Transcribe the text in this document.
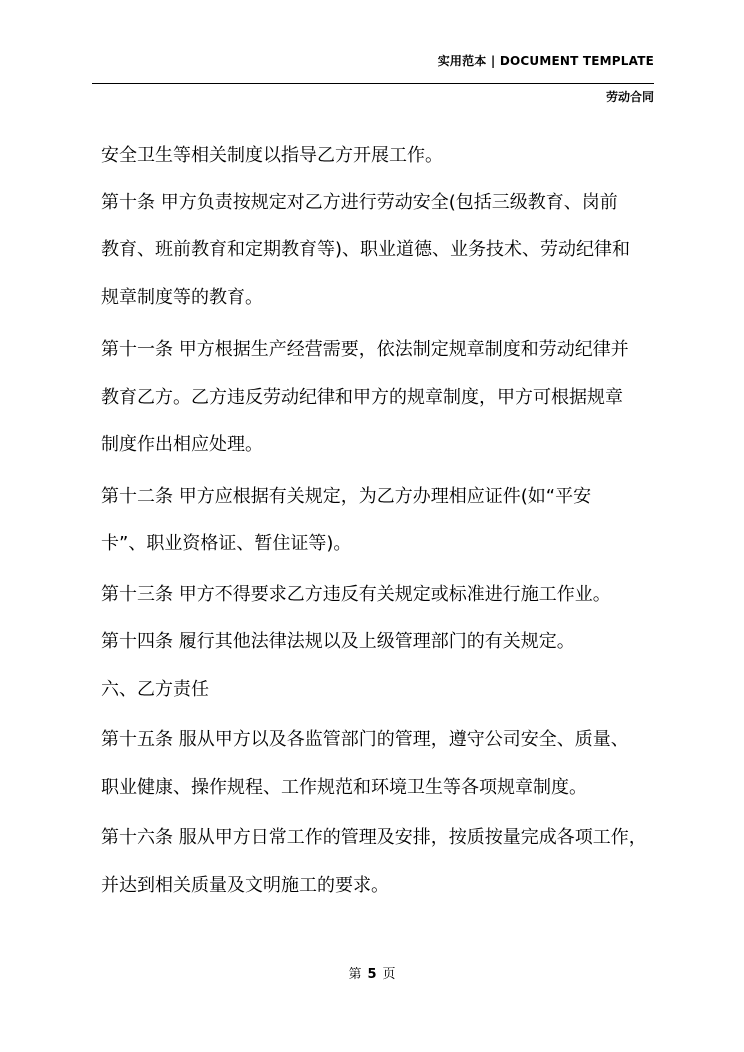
实用范本 | DOCUMENT TEMPLATE
劳动合同
安全卫生等相关制度以指导乙方开展工作。
第十条 甲方负责按规定对乙方进行劳动安全(包括三级教育、岗前
教育、班前教育和定期教育等)、职业道德、业务技术、劳动纪律和
规章制度等的教育。
第十一条 甲方根据生产经营需要，依法制定规章制度和劳动纪律并
教育乙方。乙方违反劳动纪律和甲方的规章制度，甲方可根据规章
制度作出相应处理。
第十二条 甲方应根据有关规定，为乙方办理相应证件(如“平安
卡”、职业资格证、暂住证等)。
第十三条 甲方不得要求乙方违反有关规定或标准进行施工作业。
第十四条 履行其他法律法规以及上级管理部门的有关规定。
六、乙方责任
第十五条 服从甲方以及各监管部门的管理，遵守公司安全、质量、
职业健康、操作规程、工作规范和环境卫生等各项规章制度。
第十六条 服从甲方日常工作的管理及安排，按质按量完成各项工作，
并达到相关质量及文明施工的要求。
第 5 页
